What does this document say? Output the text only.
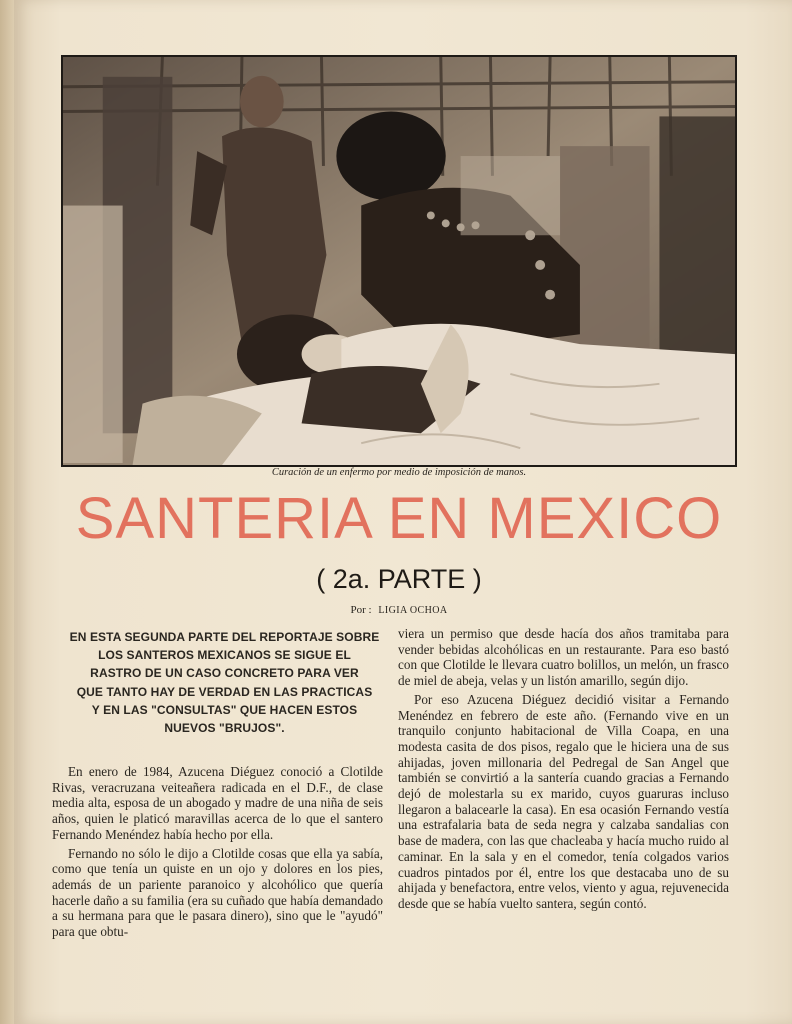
Curación de un enfermo por medio de imposición de manos.
SANTERIA EN MEXICO
( 2a. PARTE )
Por : LIGIA OCHOA
EN ESTA SEGUNDA PARTE DEL REPORTAJE SOBRE
LOS SANTEROS MEXICANOS SE SIGUE EL
RASTRO DE UN CASO CONCRETO PARA VER
QUE TANTO HAY DE VERDAD EN LAS PRACTICAS
Y EN LAS "CONSULTAS" QUE HACEN ESTOS
NUEVOS "BRUJOS".

En enero de 1984, Azucena Diéguez conoció a Clotilde Rivas, veracruzana veiteañera radicada en el D.F., de clase media alta, esposa de un abogado y madre de una niña de seis años, quien le platicó maravillas acerca de lo que el santero Fernando Menéndez había hecho por ella.

Fernando no sólo le dijo a Clotilde cosas que ella ya sabía, como que tenía un quiste en un ojo y dolores en los pies, además de un pariente paranoico y alcohólico que quería hacerle daño a su familia (era su cuñado que había demandado a su hermana para que le pasara dinero), sino que le "ayudó" para que obtu-

viera un permiso que desde hacía dos años tramitaba para vender bebidas alcohólicas en un restaurante. Para eso bastó con que Clotilde le llevara cuatro bolillos, un melón, un frasco de miel de abeja, velas y un listón amarillo, según dijo.

Por eso Azucena Diéguez decidió visitar a Fernando Menéndez en febrero de este año. (Fernando vive en un tranquilo conjunto habitacional de Villa Coapa, en una modesta casita de dos pisos, regalo que le hiciera una de sus ahijadas, joven millonaria del Pedregal de San Angel que también se convirtió a la santería cuando gracias a Fernando dejó de molestarla su ex marido, cuyos guaruras incluso llegaron a balacearle la casa). En esa ocasión Fernando vestía una estrafalaria bata de seda negra y calzaba sandalias con base de madera, con las que chacleaba y hacía mucho ruido al caminar. En la sala y en el comedor, tenía colgados varios cuadros pintados por él, entre los que destacaba uno de su ahijada y benefactora, entre velos, viento y agua, rejuvenecida desde que se había vuelto santera, según contó.
